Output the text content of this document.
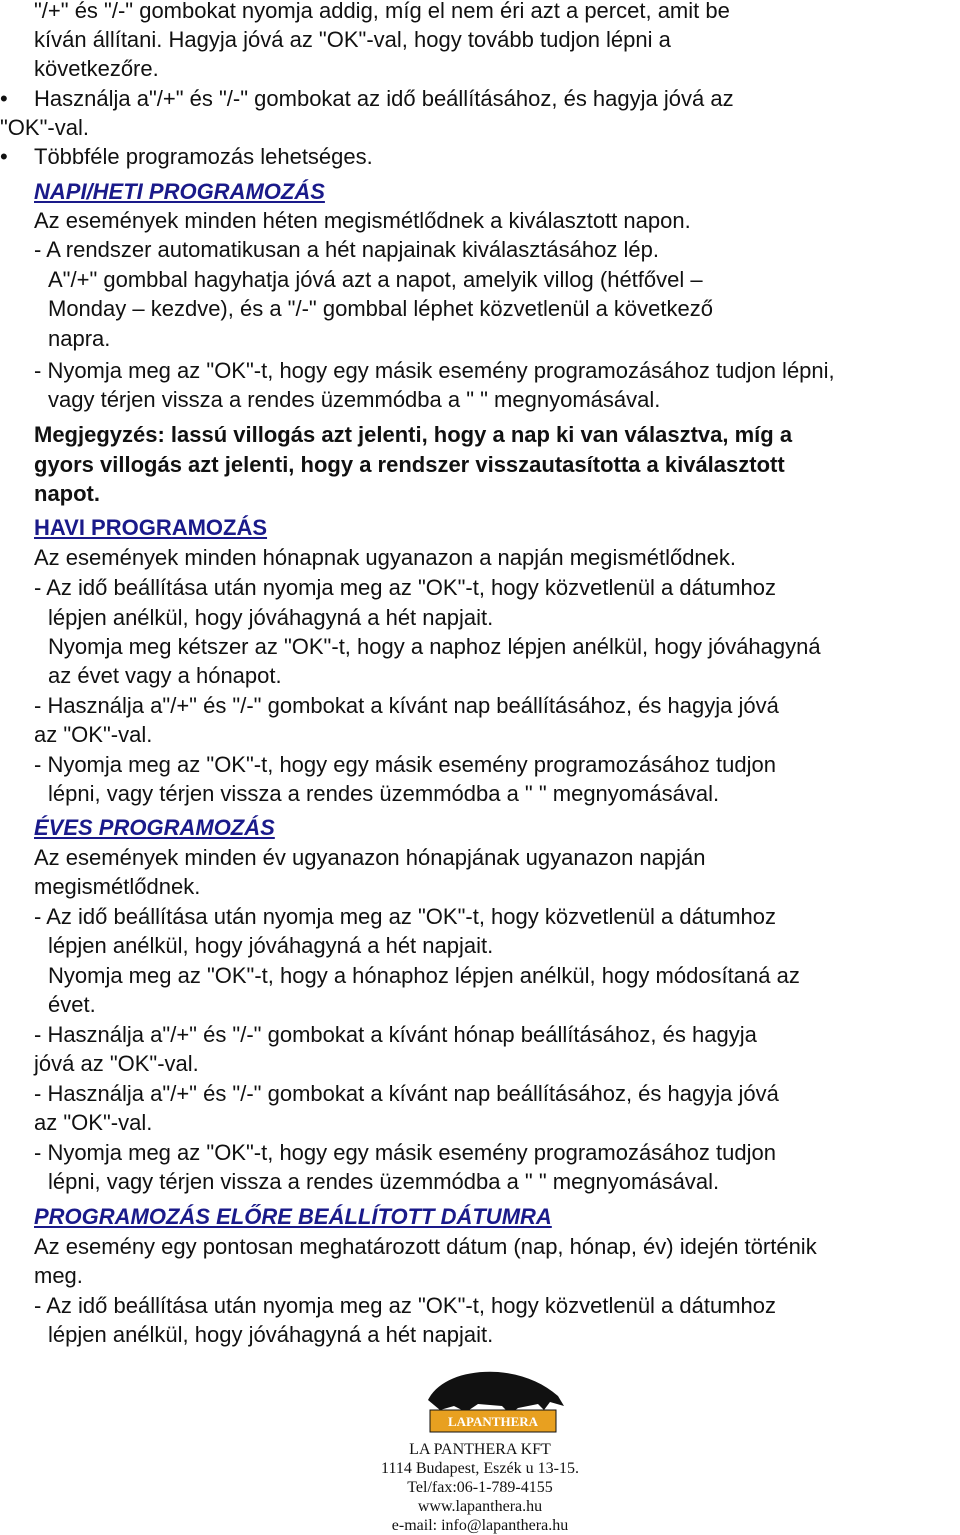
"/+" és "/-" gombokat nyomja addig, míg el nem éri azt a percet, amit be
kíván állítani. Hagyja jóvá az "OK"-val, hogy tovább tudjon lépni a
következőre.
• Használja a"/+" és "/-" gombokat az idő beállításához, és hagyja jóvá az
"OK"-val.
• Többféle programozás lehetséges.
NAPI/HETI PROGRAMOZÁS
Az események minden héten megismétlődnek a kiválasztott napon.
- A rendszer automatikusan a hét napjainak kiválasztásához lép.
A"/+" gombbal hagyhatja jóvá azt a napot, amelyik villog (hétfővel –
Monday – kezdve), és a "/-" gombbal léphet közvetlenül a következő
napra.
- Nyomja meg az "OK"-t, hogy egy másik esemény programozásához tudjon lépni,
vagy térjen vissza a rendes üzemmódba a " " megnyomásával.
Megjegyzés: lassú villogás azt jelenti, hogy a nap ki van választva, míg a
gyors villogás azt jelenti, hogy a rendszer visszautasította a kiválasztott
napot.
HAVI PROGRAMOZÁS
Az események minden hónapnak ugyanazon a napján megismétlődnek.
- Az idő beállítása után nyomja meg az "OK"-t, hogy közvetlenül a dátumhoz
lépjen anélkül, hogy jóváhagyná a hét napjait.
Nyomja meg kétszer az "OK"-t, hogy a naphoz lépjen anélkül, hogy jóváhagyná
az évet vagy a hónapot.
- Használja a"/+" és "/-" gombokat a kívánt nap beállításához, és hagyja jóvá
az "OK"-val.
- Nyomja meg az "OK"-t, hogy egy másik esemény programozásához tudjon
lépni, vagy térjen vissza a rendes üzemmódba a " " megnyomásával.
ÉVES PROGRAMOZÁS
Az események minden év ugyanazon hónapjának ugyanazon napján
megismétlődnek.
- Az idő beállítása után nyomja meg az "OK"-t, hogy közvetlenül a dátumhoz
lépjen anélkül, hogy jóváhagyná a hét napjait.
Nyomja meg az "OK"-t, hogy a hónaphoz lépjen anélkül, hogy módosítaná az
évet.
- Használja a"/+" és "/-" gombokat a kívánt hónap beállításához, és hagyja
jóvá az "OK"-val.
- Használja a"/+" és "/-" gombokat a kívánt nap beállításához, és hagyja jóvá
az "OK"-val.
- Nyomja meg az "OK"-t, hogy egy másik esemény programozásához tudjon
lépni, vagy térjen vissza a rendes üzemmódba a " " megnyomásával.
PROGRAMOZÁS ELŐRE BEÁLLÍTOTT DÁTUMRA
Az esemény egy pontosan meghatározott dátum (nap, hónap, év) idején történik
meg.
- Az idő beállítása után nyomja meg az "OK"-t, hogy közvetlenül a dátumhoz
lépjen anélkül, hogy jóváhagyná a hét napjait.
LAPANTHERA
LA PANTHERA KFT
1114 Budapest, Eszék u 13-15.
Tel/fax:06-1-789-4155
www.lapanthera.hu
e-mail: info@lapanthera.hu
